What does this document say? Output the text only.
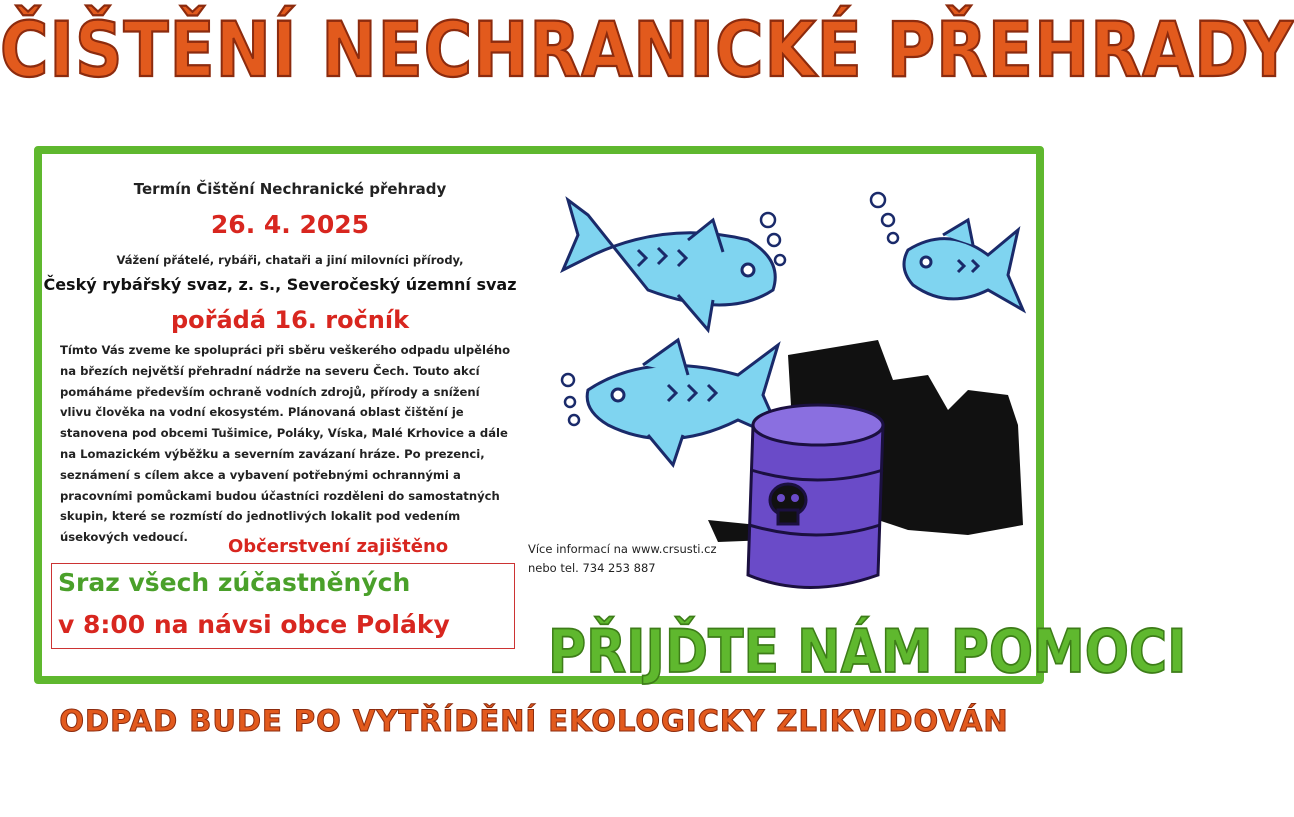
ČIŠTĚNÍ NECHRANICKÉ PŘEHRADY
Termín Čištění Nechranické přehrady
26. 4. 2025
Vážení přátelé, rybáři, chataři a jiní milovníci přírody,
Český rybářský svaz, z. s., Severočeský územní svaz
pořádá 16. ročník
Tímto Vás zveme ke spolupráci při sběru veškerého odpadu ulpělého
na březích největší přehradní nádrže na severu Čech. Touto akcí
pomáháme především ochraně vodních zdrojů, přírody a snížení
vlivu člověka na vodní ekosystém. Plánovaná oblast čištění je
stanovena pod obcemi Tušimice, Poláky, Víska, Malé Krhovice a dále
na Lomazickém výběžku a severním zavázaní hráze. Po prezenci,
seznámení s cílem akce a vybavení potřebnými ochrannými a
pracovními pomůckami budou účastníci rozděleni do samostatných
skupin, které se rozmístí do jednotlivých lokalit pod vedením
úsekových vedoucí.	Občerstvení zajištěno
Sraz všech zúčastněných
v 8:00 na návsi obce Poláky
Více informací na www.crsusti.cz
nebo tel. 734 253 887
PŘIJĎTE NÁM POMOCI
ODPAD BUDE PO VYTŘÍDĚNÍ EKOLOGICKY ZLIKVIDOVÁN
